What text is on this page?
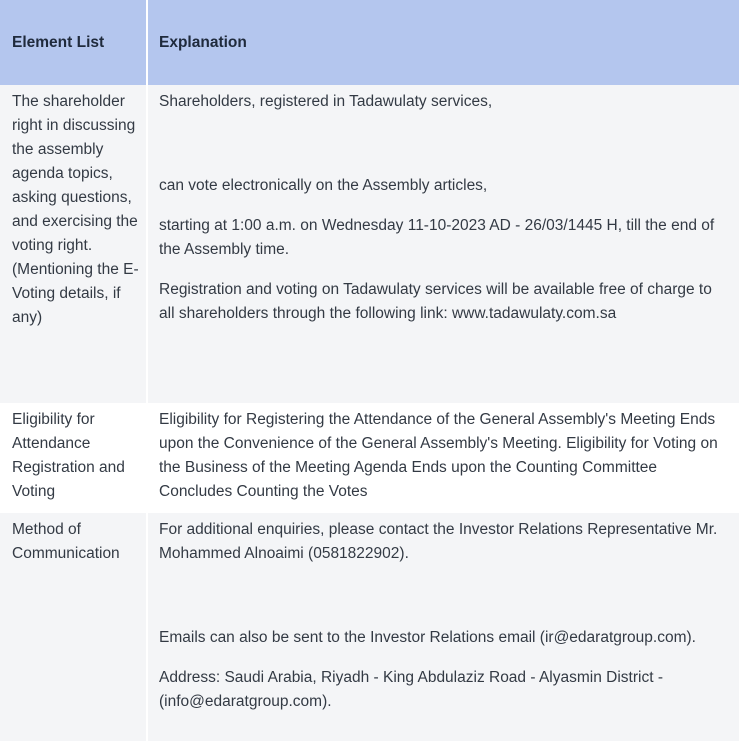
Element List	Explanation
The shareholder right in discussing the assembly agenda topics, asking questions, and exercising the voting right. (Mentioning the E-Voting details, if any)

Shareholders, registered in Tadawulaty services,

can vote electronically on the Assembly articles,

starting at 1:00 a.m. on Wednesday 11-10-2023 AD - 26/03/1445 H, till the end of the Assembly time.

Registration and voting on Tadawulaty services will be available free of charge to all shareholders through the following link: www.tadawulaty.com.sa

Eligibility for Attendance Registration and Voting

Eligibility for Registering the Attendance of the General Assembly's Meeting Ends upon the Convenience of the General Assembly's Meeting. Eligibility for Voting on the Business of the Meeting Agenda Ends upon the Counting Committee Concludes Counting the Votes

Method of Communication

For additional enquiries, please contact the Investor Relations Representative Mr. Mohammed Alnoaimi (0581822902).

Emails can also be sent to the Investor Relations email (ir@edaratgroup.com).

Address: Saudi Arabia, Riyadh - King Abdulaziz Road - Alyasmin District - (info@edaratgroup.com).
